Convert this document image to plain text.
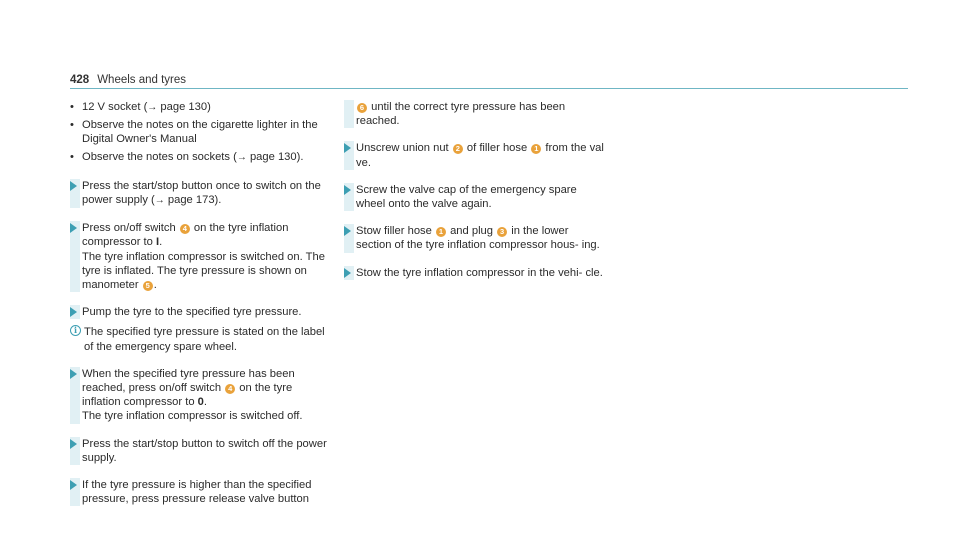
428 Wheels and tyres
• 12 V soc​ket (→ page 130)
• Obser​ve the no​tes on the cigarette lighter in the Digital Owner's Manual
• Obser​ve the no​tes on soc​kets (→ page 130).
Press the st​art/stop button once to switch on the po​wer supply (→ page 173).
Press on/off switch 4 on the tyre inflation compressor to I.
The tyre inflation compressor is switched on. The tyre is inflated. The tyre pressure is shown on manometer 5 .
Pump the tyre to the specified tyre pressure.
i The specified tyre pressure is stated on the label of the emer​gency spare wheel.
When the specified tyre pressure has been reached, press on/off switch 4 on the tyre inflation compressor to 0.
The tyre inflation compressor is switched off.
Press the st​art/stop button to switch off the po​wer supp​ly.
If the tyre pressure is higher than the specified pressure, press pressure release valve button
6 until the cor​rect tyre pressure has been reached.
Unscr​ew union nut 2 of filler hose 1 from the val​ve.
Scr​ew the val​ve cap of the emer​gency spare wheel onto the val​ve again.
Stow filler hose 1 and plug 3 in the lo​wer section of the tyre inflation compressor hous- ing.
Stow the tyre inflation compressor in the vehi- cle.
